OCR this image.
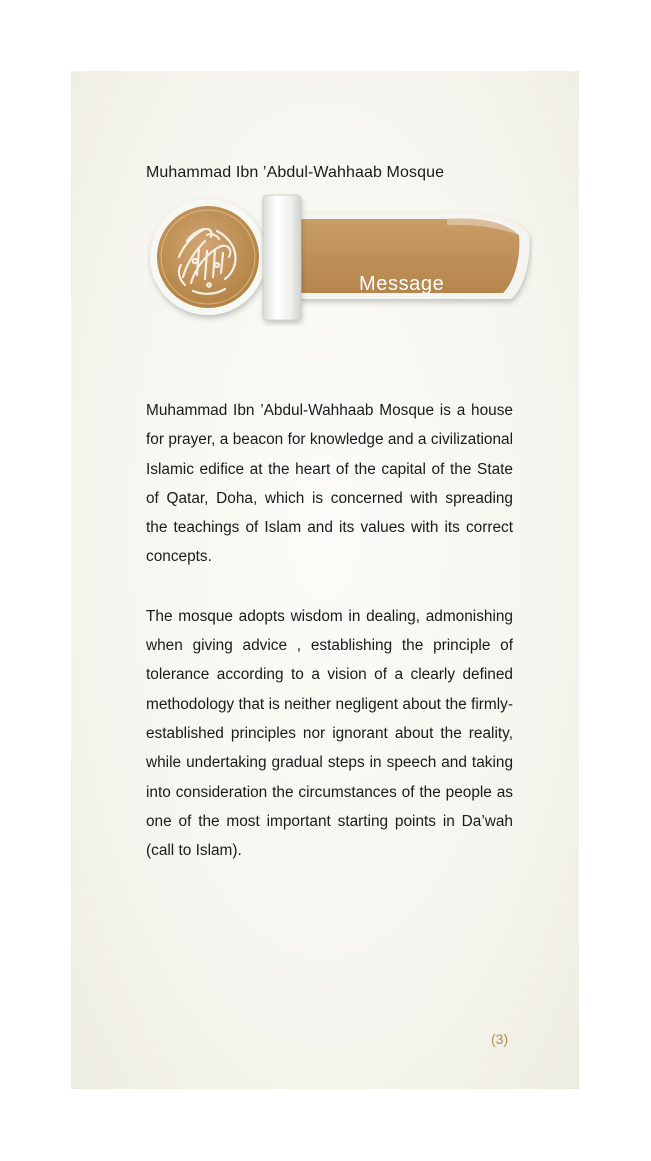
Muhammad Ibn ’Abdul-Wahhaab Mosque
Message

Muhammad Ibn ’Abdul-Wahhaab Mosque is a house for prayer, a beacon for knowledge and a civilizational Islamic edifice at the heart of the capital of the State of Qatar, Doha, which is concerned with spreading the teachings of Islam and its values with its correct concepts.

The mosque adopts wisdom in dealing, admonishing when giving advice , establishing the principle of tolerance according to a vision of a clearly defined methodology that is neither negligent about the firmly-established principles nor ignorant about the reality, while undertaking gradual steps in speech and taking into consideration the circumstances of the people as one of the most important starting points in Da’wah (call to Islam).

(3)
